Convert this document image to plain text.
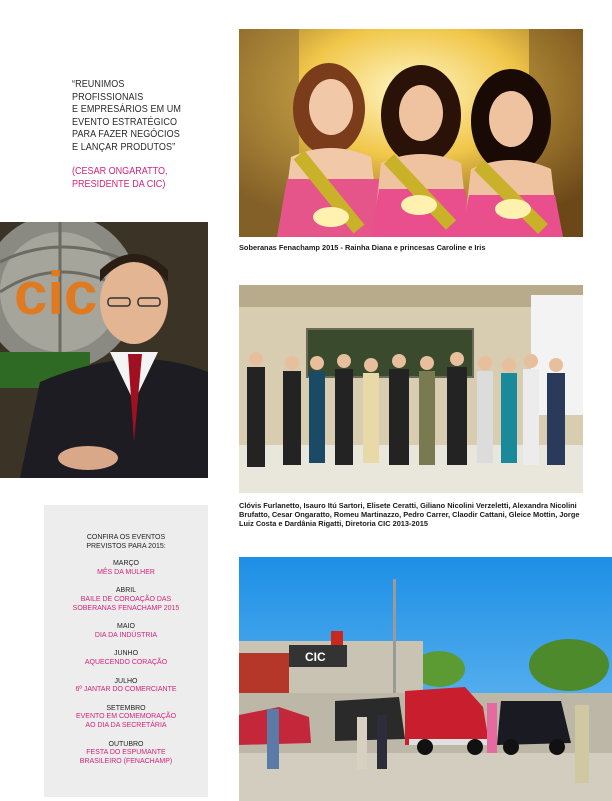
“REUNIMOS PROFISSIONAIS
E EMPRESÁRIOS EM UM
EVENTO ESTRATÉGICO
PARA FAZER NEGÓCIOS
E LANÇAR PRODUTOS”
(CESAR ONGARATTO,
PRESIDENTE DA CIC)
Soberanas Fenachamp 2015 - Rainha Diana e princesas Caroline e Iris
cic
Clóvis Furlanetto, Isauro Itú Sartori, Elisete Ceratti, Giliano Nicolini Verzeletti, Alexandra Nicolini Brufatto, Cesar Ongaratto, Romeu Martinazzo, Pedro Carrer, Claodir Cattani, Gleice Mottin, Jorge Luiz Costa e Dardânia Rigatti, Diretoria CIC 2013-2015
CIC
CONFIRA OS EVENTOS
PREVISTOS PARA 2015:
MARÇO
MÊS DA MULHER
ABRIL
BAILE DE COROAÇÃO DAS
SOBERANAS FENACHAMP 2015
MAIO
DIA DA INDÚSTRIA
JUNHO
AQUECENDO CORAÇÃO
JULHO
6º JANTAR DO COMERCIANTE
SETEMBRO
EVENTO EM COMEMORAÇÃO
AO DIA DA SECRETÁRIA
OUTUBRO
FESTA DO ESPUMANTE
BRASILEIRO (FENACHAMP)
